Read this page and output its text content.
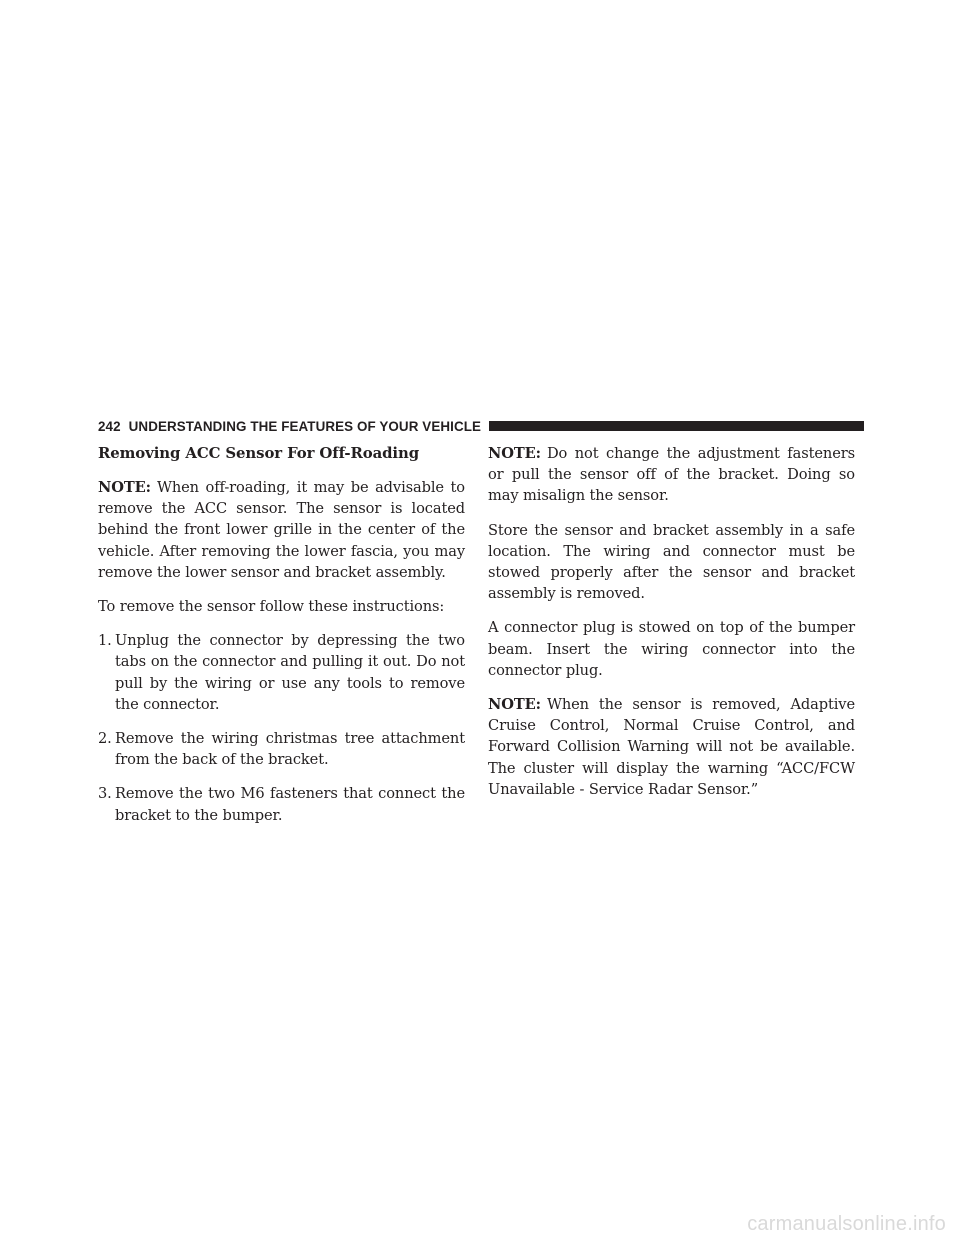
242 UNDERSTANDING THE FEATURES OF YOUR VEHICLE
Removing ACC Sensor For Off-Roading

NOTE: When off-roading, it may be advisable to remove the ACC sensor. The sensor is located behind the front lower grille in the center of the vehicle. After removing the lower fascia, you may remove the lower sensor and bracket assembly.

To remove the sensor follow these instructions:

1. Unplug the connector by depressing the two tabs on the connector and pulling it out. Do not pull by the wiring or use any tools to remove the connector.
2. Remove the wiring christmas tree attachment from the back of the bracket.
3. Remove the two M6 fasteners that connect the bracket to the bumper.

NOTE: Do not change the adjustment fasteners or pull the sensor off of the bracket. Doing so may misalign the sensor.

Store the sensor and bracket assembly in a safe location. The wiring and connector must be stowed properly after the sensor and bracket assembly is removed.

A connector plug is stowed on top of the bumper beam. Insert the wiring connector into the connector plug.

NOTE: When the sensor is removed, Adaptive Cruise Control, Normal Cruise Control, and Forward Collision Warning will not be available. The cluster will display the warning “ACC/FCW Unavailable - Service Radar Sensor.”

carmanualsonline.info
